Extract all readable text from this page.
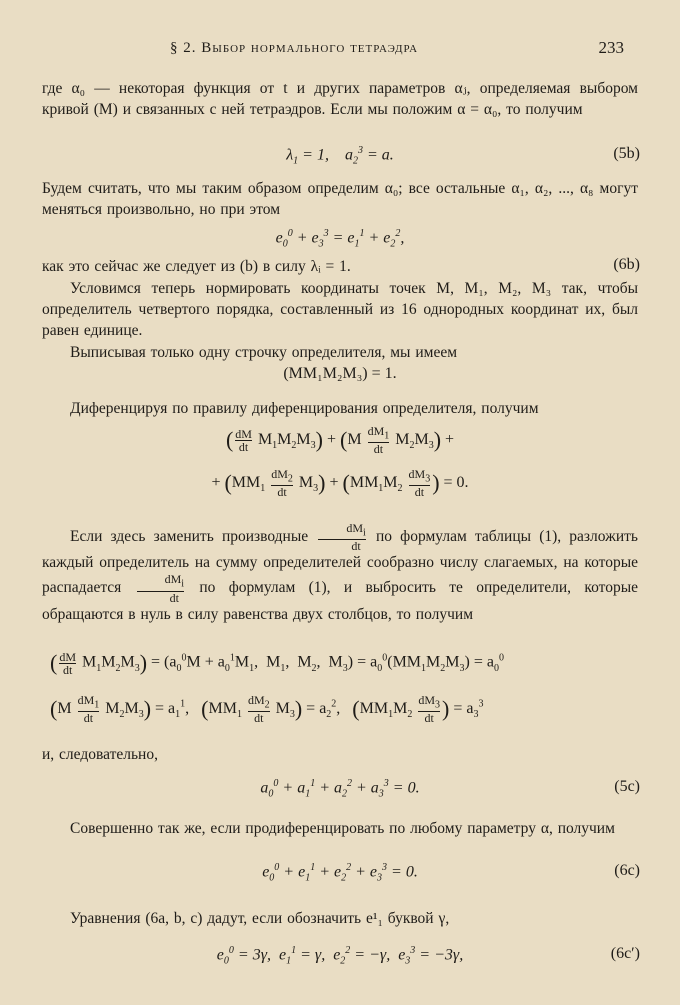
§ 2. Выбор нормального тетраэдра	233
где α₀ — некоторая функция от t и других параметров αⱼ, определяемая выбором кривой (M) и связанных с ней тетраэдров. Если мы положим α = α₀, то получим
$\lambda_1 = 1$,    $a_2^3 = a$.	(5b)
Будем считать, что мы таким образом определим α₀; все остальные α₁, α₂, ..., α₈ могут меняться произвольно, но при этом
$e_0^0 + e_3^3 = e_1^1 + e_2^2$,
как это сейчас же следует из (b) в силу λᵢ = 1.	(6b)
Условимся теперь нормировать координаты точек M, M₁, M₂, M₃ так, чтобы определитель четвертого порядка, составленный из 16 однородных координат их, был равен единице.
Выписывая только одну строчку определителя, мы имеем
(MM₁M₂M₃) = 1.
Диференцируя по правилу диференцирования определителя, получим
( $\frac{dM}{dt} M_1M_2M_3) + (M \frac{dM_1}{dt} M_2M_3)$ +
+ $(MM_1 \frac{dM_2}{dt} M_3) + (MM_1M_2 \frac{dM_3}{dt}$ ) = 0.
Если здесь заменить производные $\frac{dM_i}{dt}$ по формулам таблицы (1), разложить каждый определитель на сумму определителей сообразно числу слагаемых, на которые распадается $\frac{dM_i}{dt}$ по формулам (1), и выбросить те определители, которые обращаются в нуль в силу равенства двух столбцов, то получим
( $\frac{dM}{dt} M_1M_2M_3) = (a_0^0M + a_0^1M_1$,  $M_1$,  $M_2$,  $M_3) = a_0^0(MM_1M_2M_3) = a_0^0$
$(M \frac{dM_1}{dt} M_2M_3) = a_1^1$,   $(MM_1 \frac{dM_2}{dt} M_3) = a_2^2$,   ($MM_1M_2 \frac{dM_3}{dt}$ ) = $a_3^3$
и, следовательно,
$a_0^0 + a_1^1 + a_2^2 + a_3^3 = 0$.	(5c)
Совершенно так же, если продиференцировать по любому параметру α, получим
$e_0^0 + e_1^1 + e_2^2 + e_3^3 = 0$.	(6c)
Уравнения (6a, b, c) дадут, если обозначить e¹₁ буквой γ,
$e_0^0 = 3\gamma$,  $e_1^1 = \gamma$,  $e_2^2 = -\gamma$,  $e_3^3 = -3\gamma$,	(6c′)
